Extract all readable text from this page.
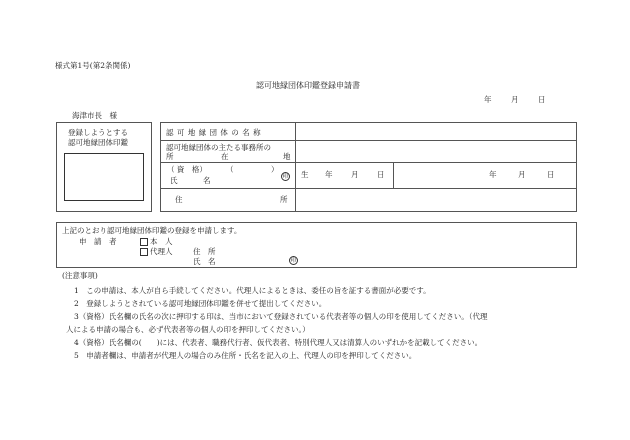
様式第1号(第2条関係)
認可地縁団体印鑑登録申請書
年	月	日
海津市長　様
登録しようとする
認可地縁団体印鑑
認 可 地 縁 団 体 の 名 称
認可地縁団体の主たる事務所の
所	在	地
（ 資　格）	（　　　　　）
氏	名	印 生 年 月 日	年	月	日
住	所
上記のとおり認可地縁団体印鑑の登録を申請します。
申　請　者	本　人
代理人	住　所
氏　名	印
(注意事項)
1　この申請は、本人が自ら手続してください。代理人によるときは、委任の旨を証する書面が必要です。
2　登録しようとされている認可地縁団体印鑑を併せて提出してください。
3（資格）氏名欄の氏名の次に押印する印は、当市において登録されている代表者等の個人の印を使用してください。（代理
人による申請の場合も、必ず代表者等の個人の印を押印してください。）
4（資格）氏名欄の(　　)には、代表者、職務代行者、仮代表者、特別代理人又は清算人のいずれかを記載してください。
5　申請者欄は、申請者が代理人の場合のみ住所・氏名を記入の上、代理人の印を押印してください。
